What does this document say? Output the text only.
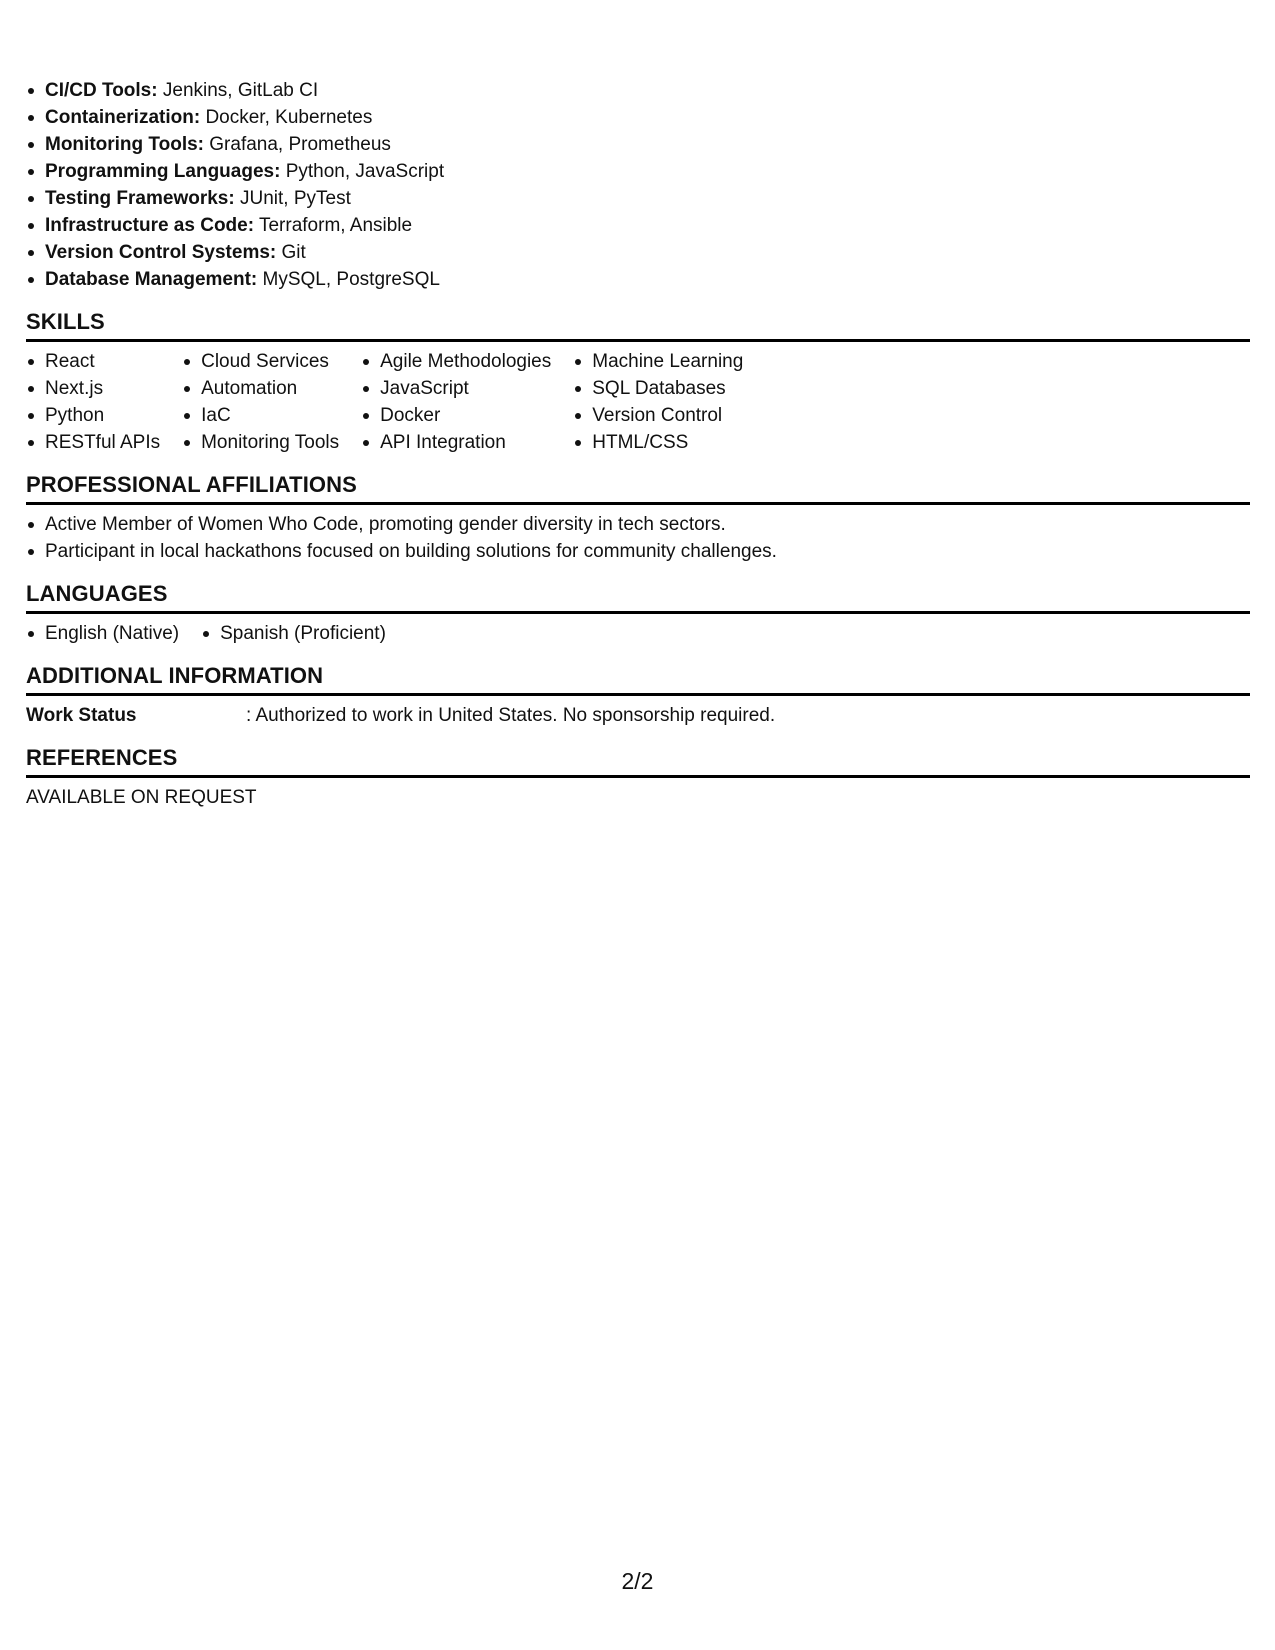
CI/CD Tools: Jenkins, GitLab CI
Containerization: Docker, Kubernetes
Monitoring Tools: Grafana, Prometheus
Programming Languages: Python, JavaScript
Testing Frameworks: JUnit, PyTest
Infrastructure as Code: Terraform, Ansible
Version Control Systems: Git
Database Management: MySQL, PostgreSQL
SKILLS
React
Next.js
Python
RESTful APIs
Cloud Services
Automation
IaC
Monitoring Tools
Agile Methodologies
JavaScript
Docker
API Integration
Machine Learning
SQL Databases
Version Control
HTML/CSS
PROFESSIONAL AFFILIATIONS
Active Member of Women Who Code, promoting gender diversity in tech sectors.
Participant in local hackathons focused on building solutions for community challenges.
LANGUAGES
English (Native)	Spanish (Proficient)
ADDITIONAL INFORMATION
Work Status	: Authorized to work in United States. No sponsorship required.
REFERENCES
AVAILABLE ON REQUEST
2/2
